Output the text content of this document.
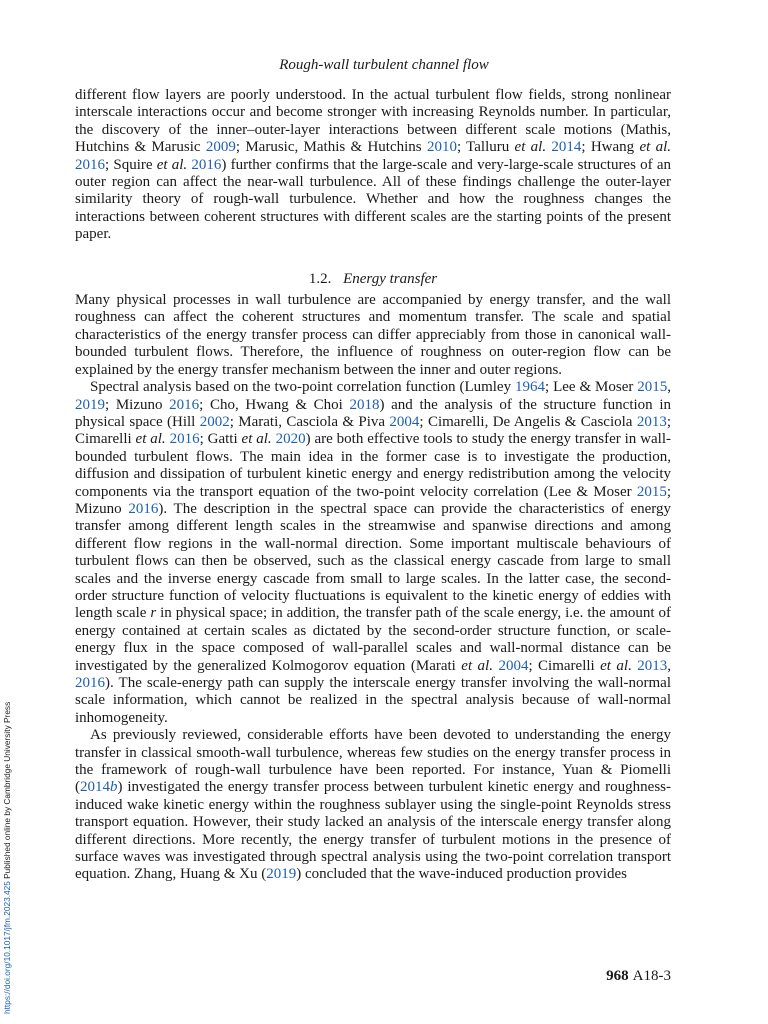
Rough-wall turbulent channel flow

different flow layers are poorly understood. In the actual turbulent flow fields, strong nonlinear interscale interactions occur and become stronger with increasing Reynolds number. In particular, the discovery of the inner–outer-layer interactions between different scale motions (Mathis, Hutchins & Marusic 2009; Marusic, Mathis & Hutchins 2010; Talluru et al. 2014; Hwang et al. 2016; Squire et al. 2016) further confirms that the large-scale and very-large-scale structures of an outer region can affect the near-wall turbulence. All of these findings challenge the outer-layer similarity theory of rough-wall turbulence. Whether and how the roughness changes the interactions between coherent structures with different scales are the starting points of the present paper.

1.2. Energy transfer

Many physical processes in wall turbulence are accompanied by energy transfer, and the wall roughness can affect the coherent structures and momentum transfer. The scale and spatial characteristics of the energy transfer process can differ appreciably from those in canonical wall-bounded turbulent flows. Therefore, the influence of roughness on outer-region flow can be explained by the energy transfer mechanism between the inner and outer regions.

Spectral analysis based on the two-point correlation function (Lumley 1964; Lee & Moser 2015, 2019; Mizuno 2016; Cho, Hwang & Choi 2018) and the analysis of the structure function in physical space (Hill 2002; Marati, Casciola & Piva 2004; Cimarelli, De Angelis & Casciola 2013; Cimarelli et al. 2016; Gatti et al. 2020) are both effective tools to study the energy transfer in wall-bounded turbulent flows. The main idea in the former case is to investigate the production, diffusion and dissipation of turbulent kinetic energy and energy redistribution among the velocity components via the transport equation of the two-point velocity correlation (Lee & Moser 2015; Mizuno 2016). The description in the spectral space can provide the characteristics of energy transfer among different length scales in the streamwise and spanwise directions and among different flow regions in the wall-normal direction. Some important multiscale behaviours of turbulent flows can then be observed, such as the classical energy cascade from large to small scales and the inverse energy cascade from small to large scales. In the latter case, the second-order structure function of velocity fluctuations is equivalent to the kinetic energy of eddies with length scale r in physical space; in addition, the transfer path of the scale energy, i.e. the amount of energy contained at certain scales as dictated by the second-order structure function, or scale-energy flux in the space composed of wall-parallel scales and wall-normal distance can be investigated by the generalized Kolmogorov equation (Marati et al. 2004; Cimarelli et al. 2013, 2016). The scale-energy path can supply the interscale energy transfer involving the wall-normal scale information, which cannot be realized in the spectral analysis because of wall-normal inhomogeneity.

As previously reviewed, considerable efforts have been devoted to understanding the energy transfer in classical smooth-wall turbulence, whereas few studies on the energy transfer process in the framework of rough-wall turbulence have been reported. For instance, Yuan & Piomelli (2014b) investigated the energy transfer process between turbulent kinetic energy and roughness-induced wake kinetic energy within the roughness sublayer using the single-point Reynolds stress transport equation. However, their study lacked an analysis of the interscale energy transfer along different directions. More recently, the energy transfer of turbulent motions in the presence of surface waves was investigated through spectral analysis using the two-point correlation transport equation. Zhang, Huang & Xu (2019) concluded that the wave-induced production provides

968 A18-3
https://doi.org/10.1017/jfm.2023.425 Published online by Cambridge University Press
